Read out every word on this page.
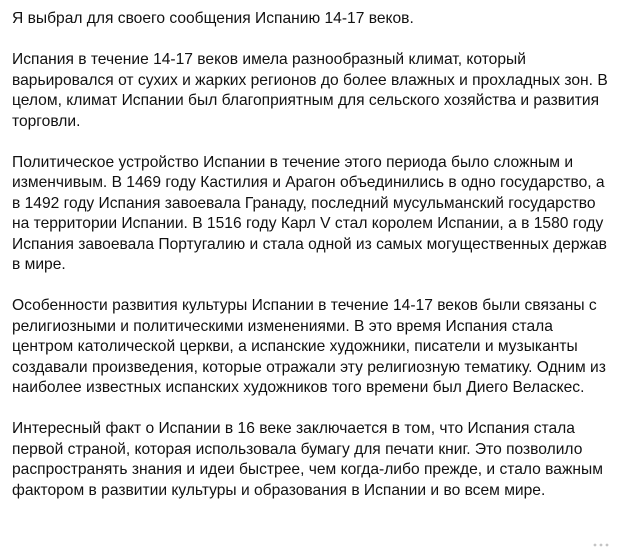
Я выбрал для своего сообщения Испанию 14-17 веков.

Испания в течение 14-17 веков имела разнообразный климат, который варьировался от сухих и жарких регионов до более влажных и прохладных зон. В целом, климат Испании был благоприятным для сельского хозяйства и развития торговли.

Политическое устройство Испании в течение этого периода было сложным и изменчивым. В 1469 году Кастилия и Арагон объединились в одно государство, а в 1492 году Испания завоевала Гранаду, последний мусульманский государство на территории Испании. В 1516 году Карл V стал королем Испании, а в 1580 году Испания завоевала Португалию и стала одной из самых могущественных держав в мире.

Особенности развития культуры Испании в течение 14-17 веков были связаны с религиозными и политическими изменениями. В это время Испания стала центром католической церкви, а испанские художники, писатели и музыканты создавали произведения, которые отражали эту религиозную тематику. Одним из наиболее известных испанских художников того времени был Диего Веласкес.

Интересный факт о Испании в 16 веке заключается в том, что Испания стала первой страной, которая использовала бумагу для печати книг. Это позволило распространять знания и идеи быстрее, чем когда-либо прежде, и стало важным фактором в развитии культуры и образования в Испании и во всем мире.
